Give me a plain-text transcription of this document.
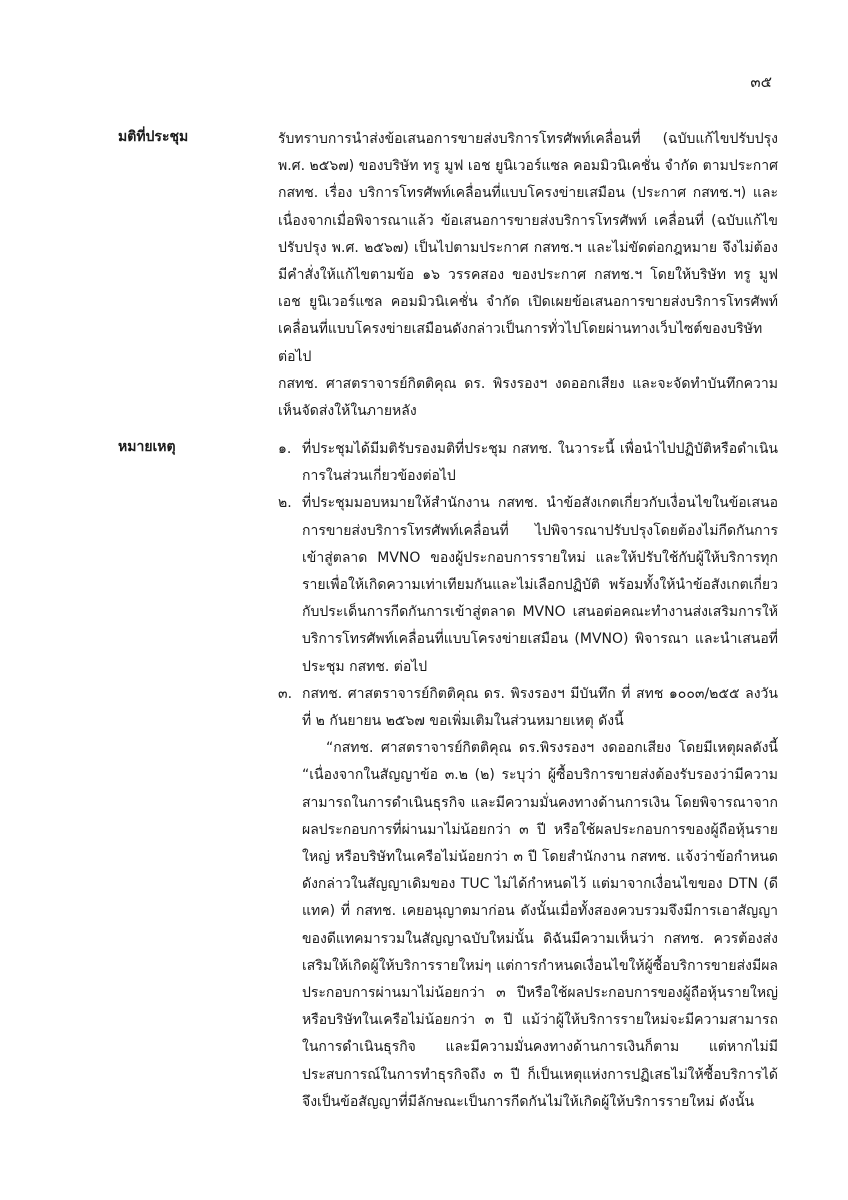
๓๕
มติที่ประชุม	รับทราบการนำส่งข้อเสนอการขายส่งบริการโทรศัพท์เคลื่อนที่ (ฉบับแก้ไขปรับปรุง พ.ศ. ๒๕๖๗) ของบริษัท ทรู มูฟ เอช ยูนิเวอร์แซล คอมมิวนิเคชั่น จำกัด ตามประกาศ กสทช. เรื่อง บริการโทรศัพท์เคลื่อนที่แบบโครงข่ายเสมือน (ประกาศ กสทช.ฯ) และเนื่องจากเมื่อพิจารณาแล้ว ข้อเสนอการขายส่งบริการโทรศัพท์ เคลื่อนที่ (ฉบับแก้ไขปรับปรุง พ.ศ. ๒๕๖๗) เป็นไปตามประกาศ กสทช.ฯ และไม่ขัดต่อกฎหมาย จึงไม่ต้องมีคำสั่งให้แก้ไขตามข้อ ๑๖ วรรคสอง ของประกาศ กสทช.ฯ โดยให้บริษัท ทรู มูฟ เอช ยูนิเวอร์แซล คอมมิวนิเคชั่น จำกัด เปิดเผยข้อเสนอการขายส่งบริการโทรศัพท์เคลื่อนที่แบบโครงข่ายเสมือนดังกล่าวเป็นการทั่วไปโดยผ่านทางเว็บไซต์ของบริษัทต่อไป

กสทช. ศาสตราจารย์กิตติคุณ ดร. พิรงรองฯ งดออกเสียง และจะจัดทำบันทึกความเห็นจัดส่งให้ในภายหลัง

หมายเหตุ	๑. ที่ประชุมได้มีมติรับรองมติที่ประชุม กสทช. ในวาระนี้ เพื่อนำไปปฏิบัติหรือดำเนินการในส่วนเกี่ยวข้องต่อไป
๒. ที่ประชุมมอบหมายให้สำนักงาน กสทช. นำข้อสังเกตเกี่ยวกับเงื่อนไขในข้อเสนอการขายส่งบริการโทรศัพท์เคลื่อนที่ ไปพิจารณาปรับปรุงโดยต้องไม่กีดกันการเข้าสู่ตลาด MVNO ของผู้ประกอบการรายใหม่ และให้ปรับใช้กับผู้ให้บริการทุกรายเพื่อให้เกิดความเท่าเทียมกันและไม่เลือกปฏิบัติ พร้อมทั้งให้นำข้อสังเกตเกี่ยวกับประเด็นการกีดกันการเข้าสู่ตลาด MVNO เสนอต่อคณะทำงานส่งเสริมการให้บริการโทรศัพท์เคลื่อนที่แบบโครงข่ายเสมือน (MVNO) พิจารณา และนำเสนอที่ประชุม กสทช. ต่อไป
๓. กสทช. ศาสตราจารย์กิตติคุณ ดร. พิรงรองฯ มีบันทึก ที่ สทช ๑๐๐๓/๒๕๕ ลงวันที่ ๒ กันยายน ๒๕๖๗ ขอเพิ่มเติมในส่วนหมายเหตุ ดังนี้
“กสทช. ศาสตราจารย์กิตติคุณ ดร.พิรงรองฯ งดออกเสียง โดยมีเหตุผลดังนี้ “เนื่องจากในสัญญาข้อ ๓.๒ (๒) ระบุว่า ผู้ซื้อบริการขายส่งต้องรับรองว่ามีความสามารถในการดำเนินธุรกิจ และมีความมั่นคงทางด้านการเงิน โดยพิจารณาจากผลประกอบการที่ผ่านมาไม่น้อยกว่า ๓ ปี หรือใช้ผลประกอบการของผู้ถือหุ้นรายใหญ่ หรือบริษัทในเครือไม่น้อยกว่า ๓ ปี โดยสำนักงาน กสทช. แจ้งว่าข้อกำหนดดังกล่าวในสัญญาเดิมของ TUC ไม่ได้กำหนดไว้ แต่มาจากเงื่อนไขของ DTN (ดีแทค) ที่ กสทช. เคยอนุญาตมาก่อน ดังนั้นเมื่อทั้งสองควบรวมจึงมีการเอาสัญญาของดีแทคมารวมในสัญญาฉบับใหม่นั้น ดิฉันมีความเห็นว่า กสทช. ควรต้องส่งเสริมให้เกิดผู้ให้บริการรายใหม่ๆ แต่การกำหนดเงื่อนไขให้ผู้ซื้อบริการขายส่งมีผลประกอบการผ่านมาไม่น้อยกว่า ๓ ปีหรือใช้ผลประกอบการของผู้ถือหุ้นรายใหญ่ หรือบริษัทในเครือไม่น้อยกว่า ๓ ปี แม้ว่าผู้ให้บริการรายใหม่จะมีความสามารถในการดำเนินธุรกิจ และมีความมั่นคงทางด้านการเงินก็ตาม แต่หากไม่มีประสบการณ์ในการทำธุรกิจถึง ๓ ปี ก็เป็นเหตุแห่งการปฏิเสธไม่ให้ซื้อบริการได้ จึงเป็นข้อสัญญาที่มีลักษณะเป็นการกีดกันไม่ให้เกิดผู้ให้บริการรายใหม่ ดังนั้น
